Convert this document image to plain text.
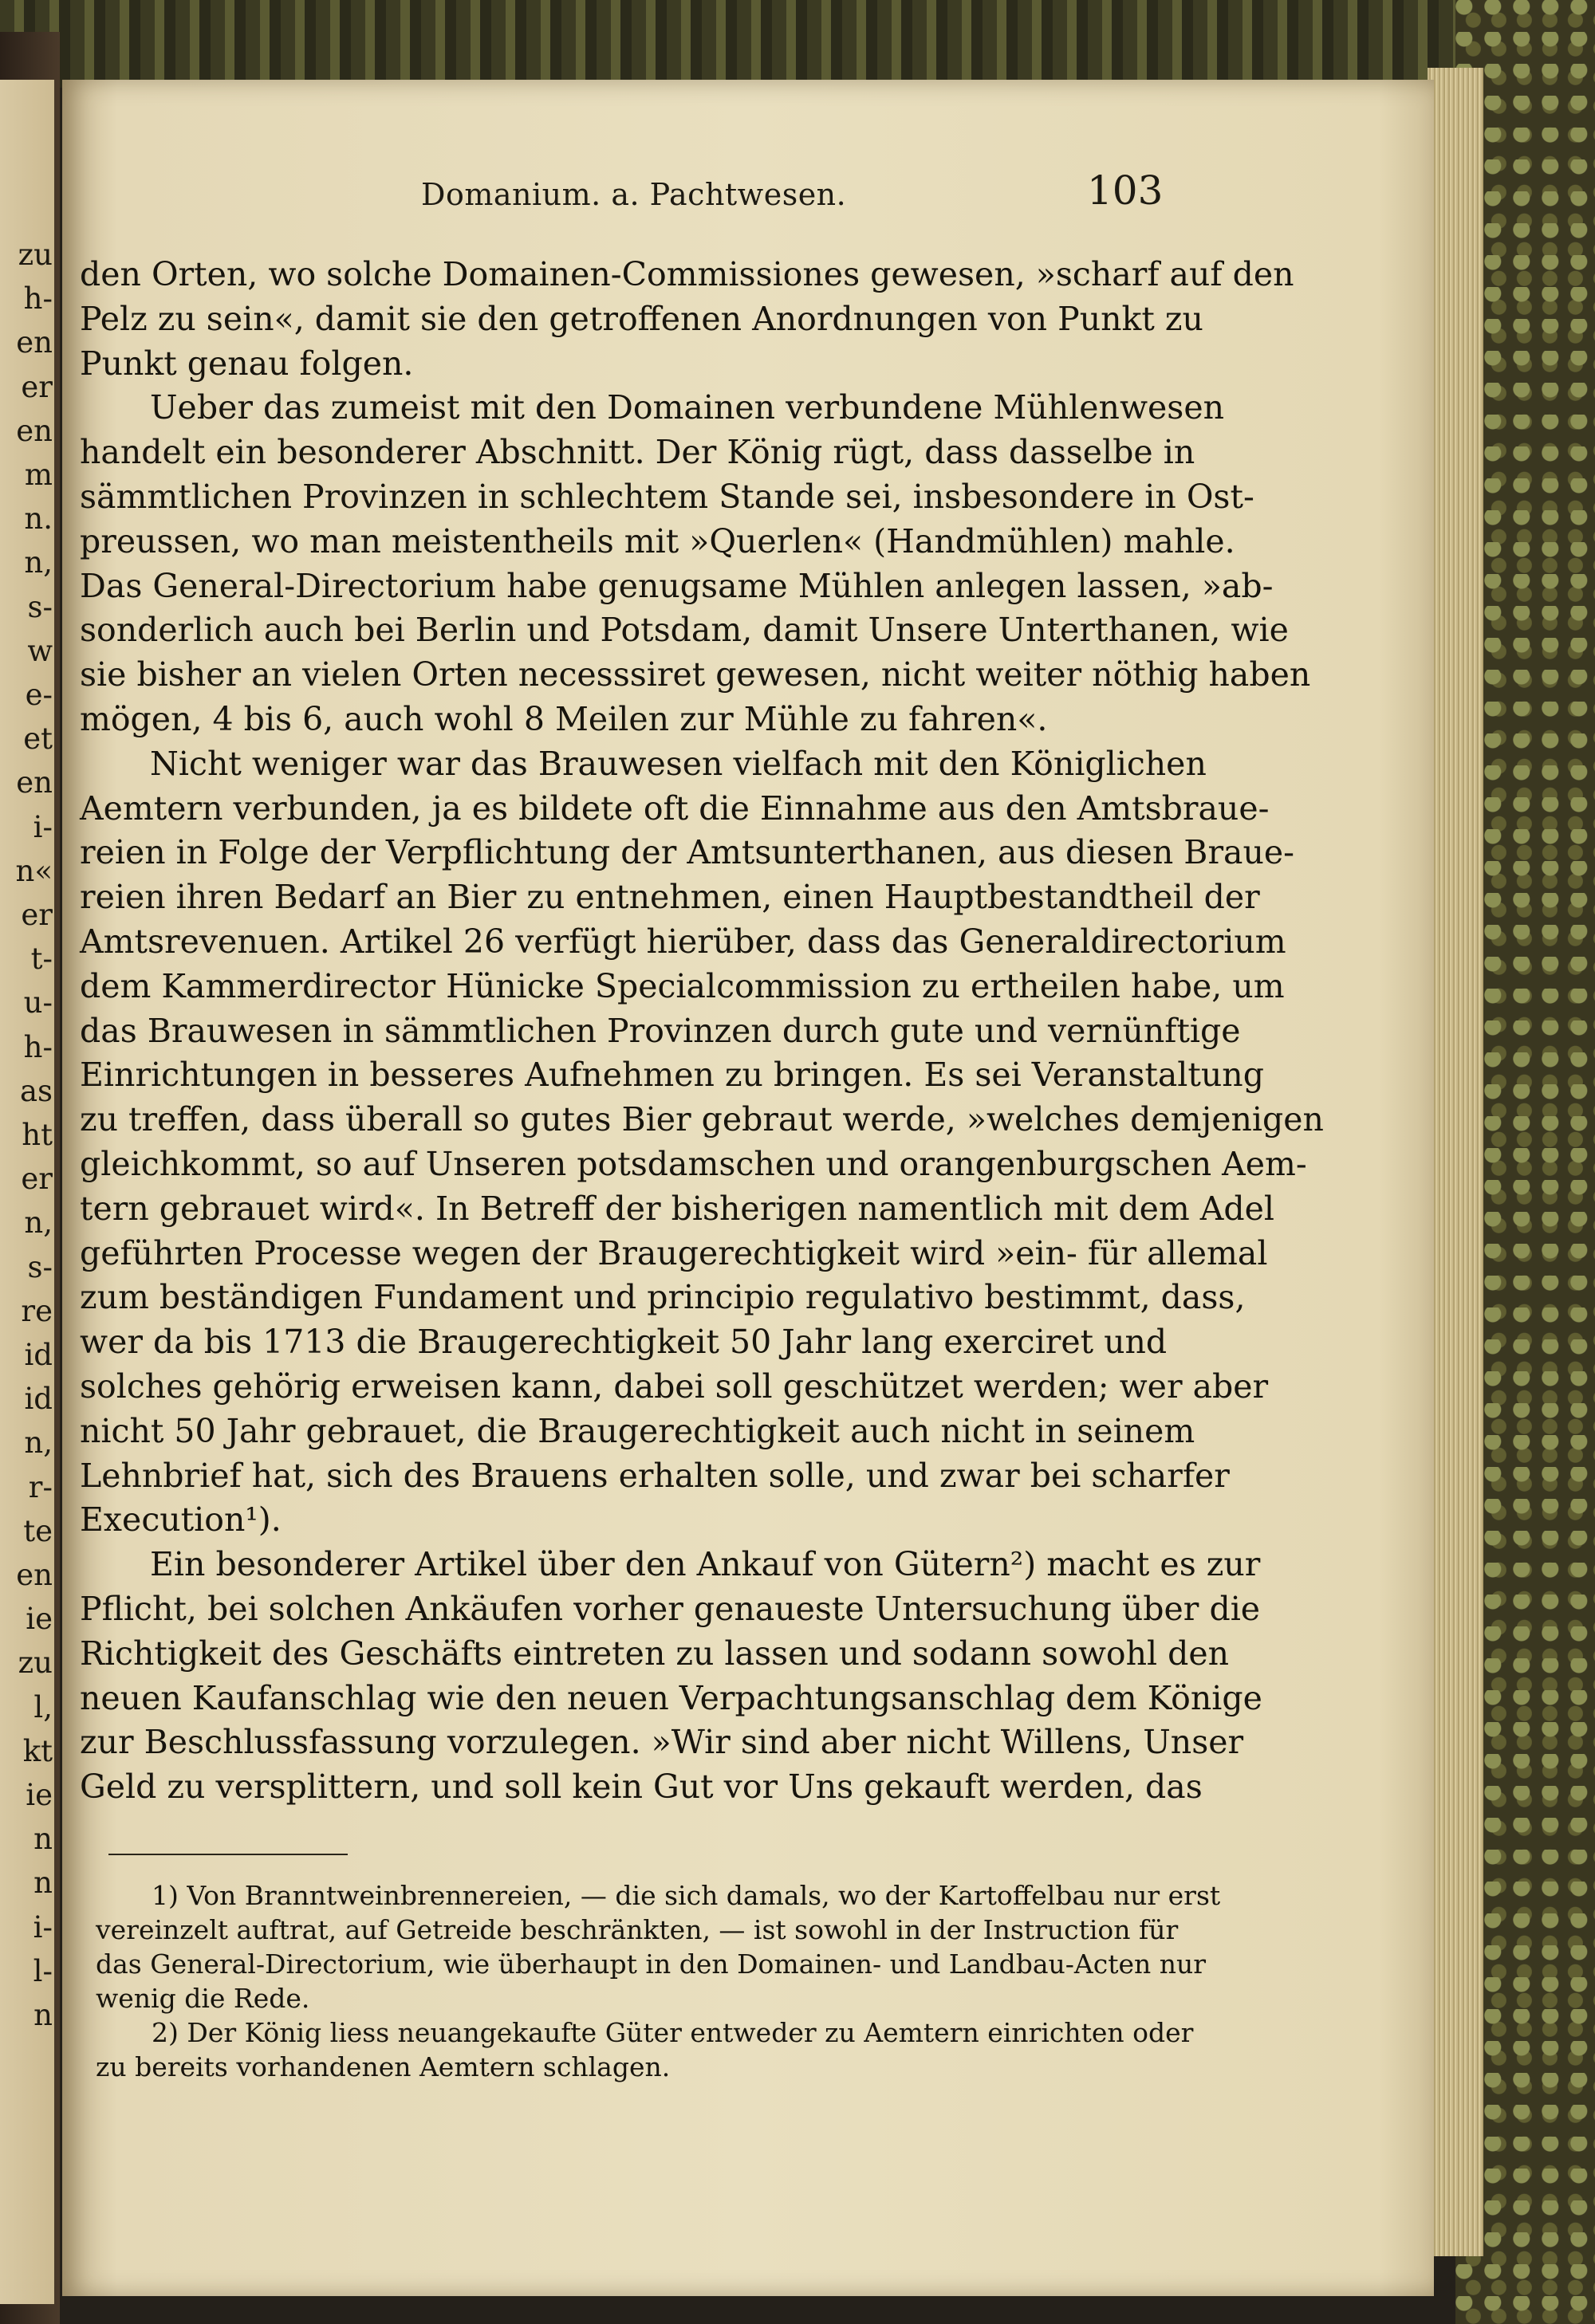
zu
h-
en
er
en
m
n.
n,
s-
w
e-
et
en
i-
n«
er
t-
u-
h-
as
ht
er
n,
s-
re
id
id
n,
r-
te
en
ie
zu
l,
kt
ie
n
n
i-
l-
n
Domanium. a. Pachtwesen.	103
den Orten, wo solche Domainen-Commissiones gewesen, »scharf auf den
Pelz zu sein«, damit sie den getroffenen Anordnungen von Punkt zu
Punkt genau folgen.
Ueber das zumeist mit den Domainen verbundene Mühlenwesen
handelt ein besonderer Abschnitt. Der König rügt, dass dasselbe in
sämmtlichen Provinzen in schlechtem Stande sei, insbesondere in Ost-
preussen, wo man meistentheils mit »Querlen« (Handmühlen) mahle.
Das General-Directorium habe genugsame Mühlen anlegen lassen, »ab-
sonderlich auch bei Berlin und Potsdam, damit Unsere Unterthanen, wie
sie bisher an vielen Orten necesssiret gewesen, nicht weiter nöthig haben
mögen, 4 bis 6, auch wohl 8 Meilen zur Mühle zu fahren«.
Nicht weniger war das Brauwesen vielfach mit den Königlichen
Aemtern verbunden, ja es bildete oft die Einnahme aus den Amtsbraue-
reien in Folge der Verpflichtung der Amtsunterthanen, aus diesen Braue-
reien ihren Bedarf an Bier zu entnehmen, einen Hauptbestandtheil der
Amtsrevenuen. Artikel 26 verfügt hierüber, dass das Generaldirectorium
dem Kammerdirector Hünicke Specialcommission zu ertheilen habe, um
das Brauwesen in sämmtlichen Provinzen durch gute und vernünftige
Einrichtungen in besseres Aufnehmen zu bringen. Es sei Veranstaltung
zu treffen, dass überall so gutes Bier gebraut werde, »welches demjenigen
gleichkommt, so auf Unseren potsdamschen und orangenburgschen Aem-
tern gebrauet wird«. In Betreff der bisherigen namentlich mit dem Adel
geführten Processe wegen der Braugerechtigkeit wird »ein- für allemal
zum beständigen Fundament und principio regulativo bestimmt, dass,
wer da bis 1713 die Braugerechtigkeit 50 Jahr lang exerciret und
solches gehörig erweisen kann, dabei soll geschützet werden; wer aber
nicht 50 Jahr gebrauet, die Braugerechtigkeit auch nicht in seinem
Lehnbrief hat, sich des Brauens erhalten solle, und zwar bei scharfer
Execution¹).
Ein besonderer Artikel über den Ankauf von Gütern²) macht es zur
Pflicht, bei solchen Ankäufen vorher genaueste Untersuchung über die
Richtigkeit des Geschäfts eintreten zu lassen und sodann sowohl den
neuen Kaufanschlag wie den neuen Verpachtungsanschlag dem Könige
zur Beschlussfassung vorzulegen. »Wir sind aber nicht Willens, Unser
Geld zu versplittern, und soll kein Gut vor Uns gekauft werden, das
1) Von Branntweinbrennereien, — die sich damals, wo der Kartoffelbau nur erst
vereinzelt auftrat, auf Getreide beschränkten, — ist sowohl in der Instruction für
das General-Directorium, wie überhaupt in den Domainen- und Landbau-Acten nur
wenig die Rede.
2) Der König liess neuangekaufte Güter entweder zu Aemtern einrichten oder
zu bereits vorhandenen Aemtern schlagen.
